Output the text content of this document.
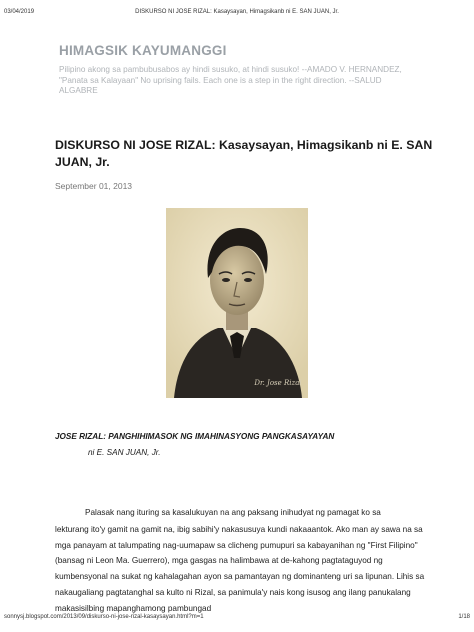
03/04/2019	DISKURSO NI JOSE RIZAL: Kasaysayan, Himagsikanb ni E. SAN JUAN, Jr.
HIMAGSIK KAYUMANGGI
Pilipino akong sa pambubusabos ay hindi susuko, at hindi susuko! --AMADO V. HERNANDEZ, "Panata sa Kalayaan" No uprising fails. Each one is a step in the right direction. --SALUD ALGABRE
DISKURSO NI JOSE RIZAL: Kasaysayan, Himagsikanb ni E. SAN JUAN, Jr.
September 01, 2013
Dr. Jose Rizal
JOSE RIZAL: PANGHIHIMASOK NG IMAHINASYONG PANGKASAYAYAN
ni E. SAN JUAN, Jr.
Palasak nang ituring sa kasalukuyan na ang paksang inihudyat ng pamagat ko sa
lekturang ito'y gamit na gamit na, ibig sabihi'y nakasusuya kundi nakaaantok. Ako man ay sawa na sa mga panayam at talumpating nag-uumapaw sa clicheng pumupuri sa kabayanihan ng "First Filipino" (bansag ni Leon Ma. Guerrero), mga gasgas na halimbawa at de-kahong pagtataguyod ng kumbensyonal na sukat ng kahalagahan ayon sa pamantayan ng dominanteng uri sa lipunan. Lihis sa nakaugaliang pagtatanghal sa kulto ni Rizal, sa panimula'y nais kong isusog ang ilang panukalang makasisilbing mapanghamong pambungad
sonnysj.blogspot.com/2013/09/diskurso-ni-jose-rizal-kasaysayan.html?m=1	1/18
